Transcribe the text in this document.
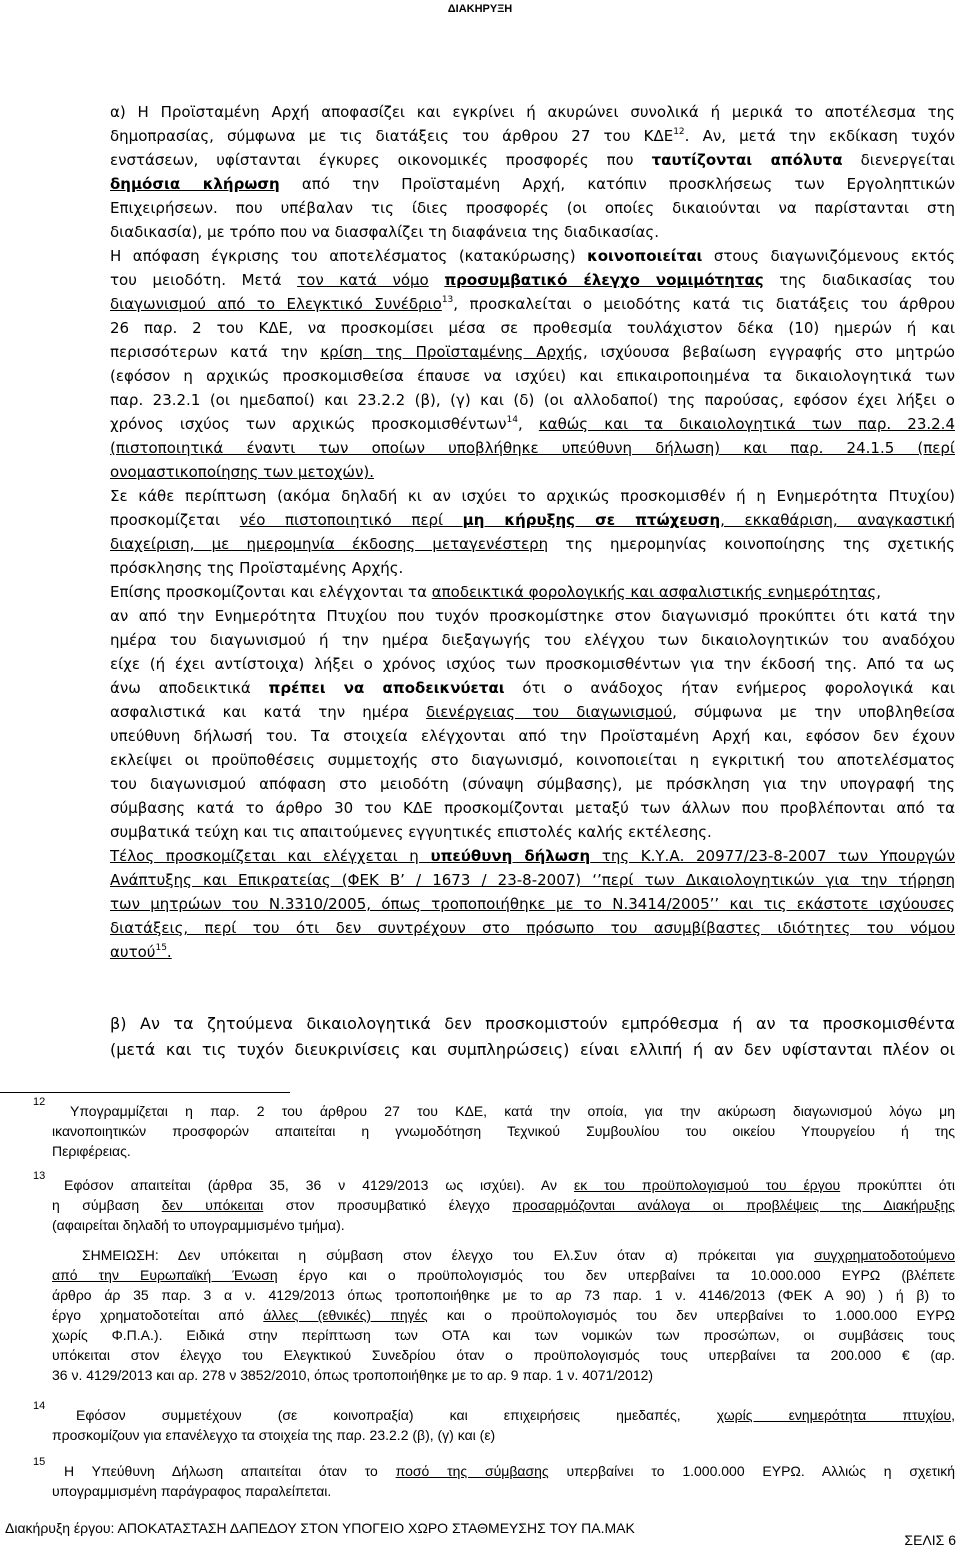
ΔΙΑΚΗΡΥΞΗ
α) Η Προϊσταμένη Αρχή αποφασίζει και εγκρίνει ή ακυρώνει συνολικά ή μερικά το αποτέλεσμα της
δημοπρασίας, σύμφωνα με τις διατάξεις του άρθρου 27 του ΚΔΕ$^{12}$. Αν, μετά την εκδίκαση τυχόν
ενστάσεων, υφίστανται έγκυρες οικονομικές προσφορές που ταυτίζονται απόλυτα διενεργείται
δημόσια κλήρωση από την Προϊσταμένη Αρχή, κατόπιν προσκλήσεως των Εργοληπτικών
Επιχειρήσεων. που υπέβαλαν τις ίδιες προσφορές (οι οποίες δικαιούνται να παρίστανται στη
διαδικασία), με τρόπο που να διασφαλίζει τη διαφάνεια της διαδικασίας.
Η απόφαση έγκρισης του αποτελέσματος (κατακύρωσης) κοινοποιείται στους διαγωνιζόμενους εκτός
του μειοδότη. Μετά τον κατά νόμο προσυμβατικό έλεγχο νομιμότητας της διαδικασίας του
διαγωνισμού από το Ελεγκτικό Συνέδριο$^{13}$, προσκαλείται ο μειοδότης κατά τις διατάξεις του άρθρου
26 παρ. 2 του ΚΔΕ, να προσκομίσει μέσα σε προθεσμία τουλάχιστον δέκα (10) ημερών ή και
περισσότερων κατά την κρίση της Προϊσταμένης Αρχής, ισχύουσα βεβαίωση εγγραφής στο μητρώο
(εφόσον η αρχικώς προσκομισθείσα έπαυσε να ισχύει) και επικαιροποιημένα τα δικαιολογητικά των
παρ. 23.2.1 (οι ημεδαποί) και 23.2.2 (β), (γ) και (δ) (οι αλλοδαποί) της παρούσας, εφόσον έχει λήξει ο
χρόνος ισχύος των αρχικώς προσκομισθέντων$^{14}$, καθώς και τα δικαιολογητικά των παρ. 23.2.4
(πιστοποιητικά έναντι των οποίων υποβλήθηκε υπεύθυνη δήλωση) και παρ. 24.1.5 (περί
ονομαστικοποίησης των μετοχών).
Σε κάθε περίπτωση (ακόμα δηλαδή κι αν ισχύει το αρχικώς προσκομισθέν ή η Ενημερότητα Πτυχίου)
προσκομίζεται νέο πιστοποιητικό περί μη κήρυξης σε πτώχευση, εκκαθάριση, αναγκαστική
διαχείριση, με ημερομηνία έκδοσης μεταγενέστερη της ημερομηνίας κοινοποίησης της σχετικής
πρόσκλησης της Προϊσταμένης Αρχής.
Επίσης προσκομίζονται και ελέγχονται τα αποδεικτικά φορολογικής και ασφαλιστικής ενημερότητας,
αν από την Ενημερότητα Πτυχίου που τυχόν προσκομίστηκε στον διαγωνισμό προκύπτει ότι κατά την
ημέρα του διαγωνισμού ή την ημέρα διεξαγωγής του ελέγχου των δικαιολογητικών του αναδόχου
είχε (ή έχει αντίστοιχα) λήξει ο χρόνος ισχύος των προσκομισθέντων για την έκδοσή της. Από τα ως
άνω αποδεικτικά πρέπει να αποδεικνύεται ότι ο ανάδοχος ήταν ενήμερος φορολογικά και
ασφαλιστικά και κατά την ημέρα διενέργειας του διαγωνισμού, σύμφωνα με την υποβληθείσα
υπεύθυνη δήλωσή του. Τα στοιχεία ελέγχονται από την Προϊσταμένη Αρχή και, εφόσον δεν έχουν
εκλείψει οι προϋποθέσεις συμμετοχής στο διαγωνισμό, κοινοποιείται η εγκριτική του αποτελέσματος
του διαγωνισμού απόφαση στο μειοδότη (σύναψη σύμβασης), με πρόσκληση για την υπογραφή της
σύμβασης κατά το άρθρο 30 του ΚΔΕ προσκομίζονται μεταξύ των άλλων που προβλέπονται από τα
συμβατικά τεύχη και τις απαιτούμενες εγγυητικές επιστολές καλής εκτέλεσης.
Τέλος προσκομίζεται και ελέγχεται η υπεύθυνη δήλωση της Κ.Υ.Α. 20977/23-8-2007 των Υπουργών
Ανάπτυξης και Επικρατείας (ΦΕΚ Β’ / 1673 / 23-8-2007) ‘’περί των Δικαιολογητικών για την τήρηση
των μητρώων του Ν.3310/2005, όπως τροποποιήθηκε με το Ν.3414/2005’’ και τις εκάστοτε ισχύουσες
διατάξεις, περί του ότι δεν συντρέχουν στο πρόσωπο του ασυμβίβαστες ιδιότητες του νόμου
αυτού$^{15}$.
β) Αν τα ζητούμενα δικαιολογητικά δεν προσκομιστούν εμπρόθεσμα ή αν τα προσκομισθέντα
(μετά και τις τυχόν διευκρινίσεις και συμπληρώσεις) είναι ελλιπή ή αν δεν υφίστανται πλέον οι
12
Υπογραμμίζεται η παρ. 2 του άρθρου 27 του ΚΔΕ, κατά την οποία, για την ακύρωση διαγωνισμού λόγω μη
ικανοποιητικών προσφορών απαιτείται η γνωμοδότηση Τεχνικού Συμβουλίου του οικείου Υπουργείου ή της
Περιφέρειας.
13
Εφόσον απαιτείται (άρθρα 35, 36 ν 4129/2013 ως ισχύει). Αν εκ του προϋπολογισμού του έργου προκύπτει ότι
η σύμβαση δεν υπόκειται στον προσυμβατικό έλεγχο προσαρμόζονται ανάλογα οι προβλέψεις της Διακήρυξης
(αφαιρείται δηλαδή το υπογραμμισμένο τμήμα).
ΣΗΜΕΙΩΣΗ: Δεν υπόκειται η σύμβαση στον έλεγχο του Ελ.Συν όταν α) πρόκειται για συγχρηματοδοτούμενο
από την Ευρωπαϊκή Ένωση έργο και ο προϋπολογισμός του δεν υπερβαίνει τα 10.000.000 ΕΥΡΩ (βλέπετε
άρθρο άρ 35 παρ. 3 α ν. 4129/2013 όπως τροποποιήθηκε με το αρ 73 παρ. 1 ν. 4146/2013 (ΦΕΚ Α 90) ) ή β) το
έργο χρηματοδοτείται από άλλες (εθνικές) πηγές και ο προϋπολογισμός του δεν υπερβαίνει το 1.000.000 ΕΥΡΩ
χωρίς Φ.Π.Α.). Ειδικά στην περίπτωση των ΟΤΑ και των νομικών των προσώπων, οι συμβάσεις τους
υπόκειται στον έλεγχο του Ελεγκτικού Συνεδρίου όταν ο προϋπολογισμός τους υπερβαίνει τα 200.000 € (αρ.
36 ν. 4129/2013 και αρ. 278 ν 3852/2010, όπως τροποποιήθηκε με το αρ. 9 παρ. 1 ν. 4071/2012)
14
Εφόσον συμμετέχουν (σε κοινοπραξία) και επιχειρήσεις ημεδαπές, χωρίς ενημερότητα πτυχίου,
προσκομίζουν για επανέλεγχο τα στοιχεία της παρ. 23.2.2 (β), (γ) και (ε)
15
Η Υπεύθυνη Δήλωση απαιτείται όταν το ποσό της σύμβασης υπερβαίνει το 1.000.000 ΕΥΡΩ. Αλλιώς η σχετική
υπογραμμισμένη παράγραφος παραλείπεται.
Διακήρυξη έργου: ΑΠΟΚΑΤΑΣΤΑΣΗ ΔΑΠΕΔΟΥ ΣΤΟΝ ΥΠΟΓΕΙΟ ΧΩΡΟ ΣΤΑΘΜΕΥΣΗΣ ΤΟΥ ΠΑ.ΜΑΚ
ΣΕΛΙΣ 6
